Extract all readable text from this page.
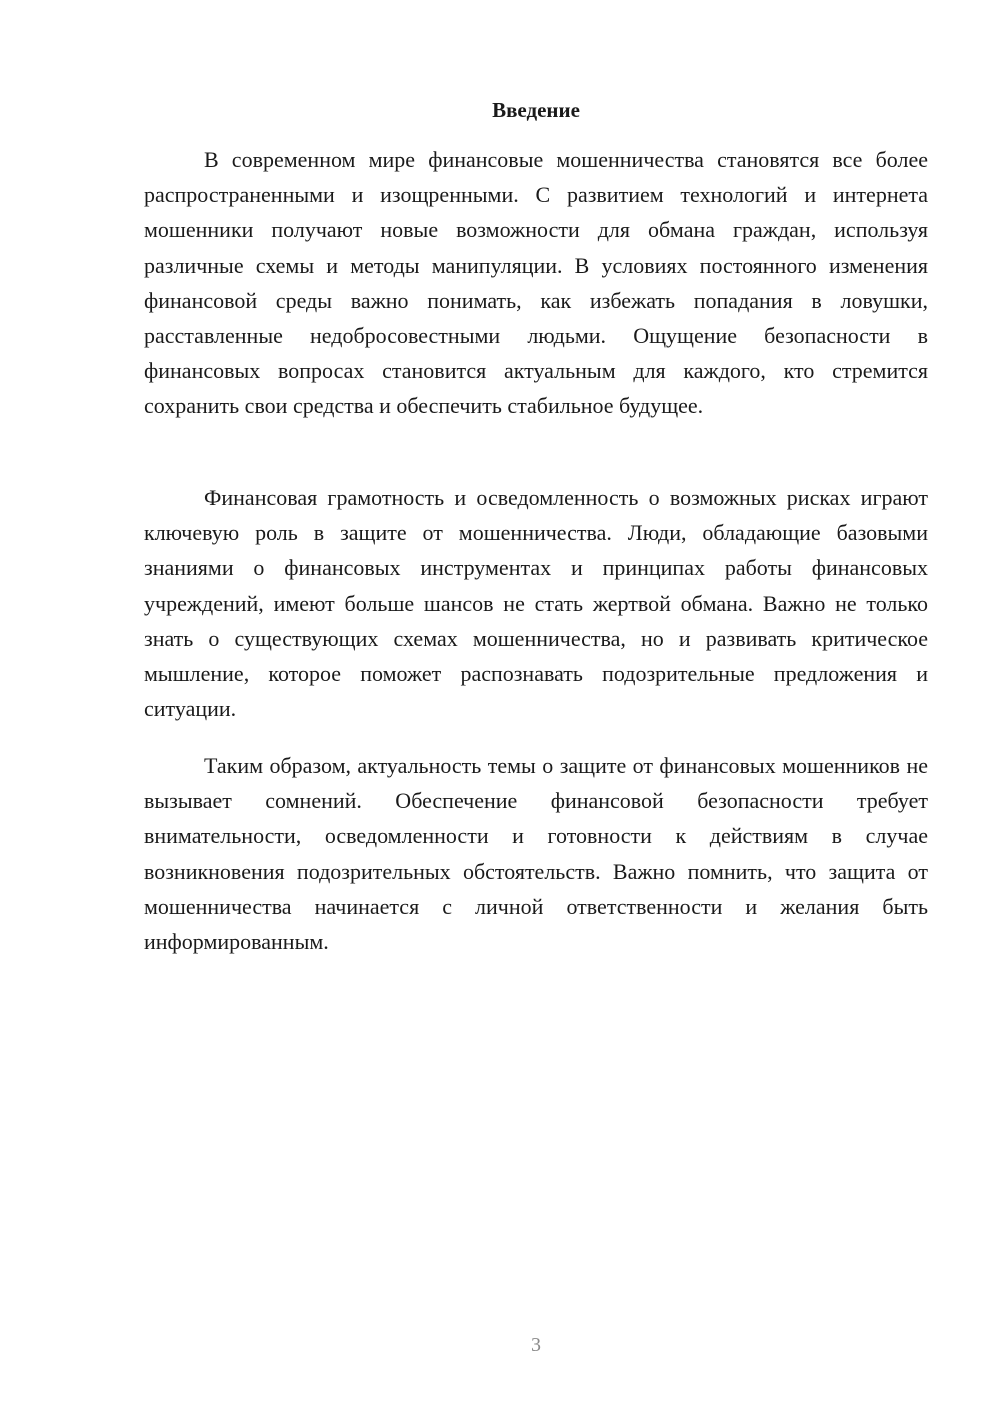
Введение

В современном мире финансовые мошенничества становятся все более распространенными и изощренными. С развитием технологий и интернета мошенники получают новые возможности для обмана граждан, используя различные схемы и методы манипуляции. В условиях постоянного изменения финансовой среды важно понимать, как избежать попадания в ловушки, расставленные недобросовестными людьми. Ощущение безопасности в финансовых вопросах становится актуальным для каждого, кто стремится сохранить свои средства и обеспечить стабильное будущее.

Финансовая грамотность и осведомленность о возможных рисках играют ключевую роль в защите от мошенничества. Люди, обладающие базовыми знаниями о финансовых инструментах и принципах работы финансовых учреждений, имеют больше шансов не стать жертвой обмана. Важно не только знать о существующих схемах мошенничества, но и развивать критическое мышление, которое поможет распознавать подозрительные предложения и ситуации.

Таким образом, актуальность темы о защите от финансовых мошенников не вызывает сомнений. Обеспечение финансовой безопасности требует внимательности, осведомленности и готовности к действиям в случае возникновения подозрительных обстоятельств. Важно помнить, что защита от мошенничества начинается с личной ответственности и желания быть информированным.

3
